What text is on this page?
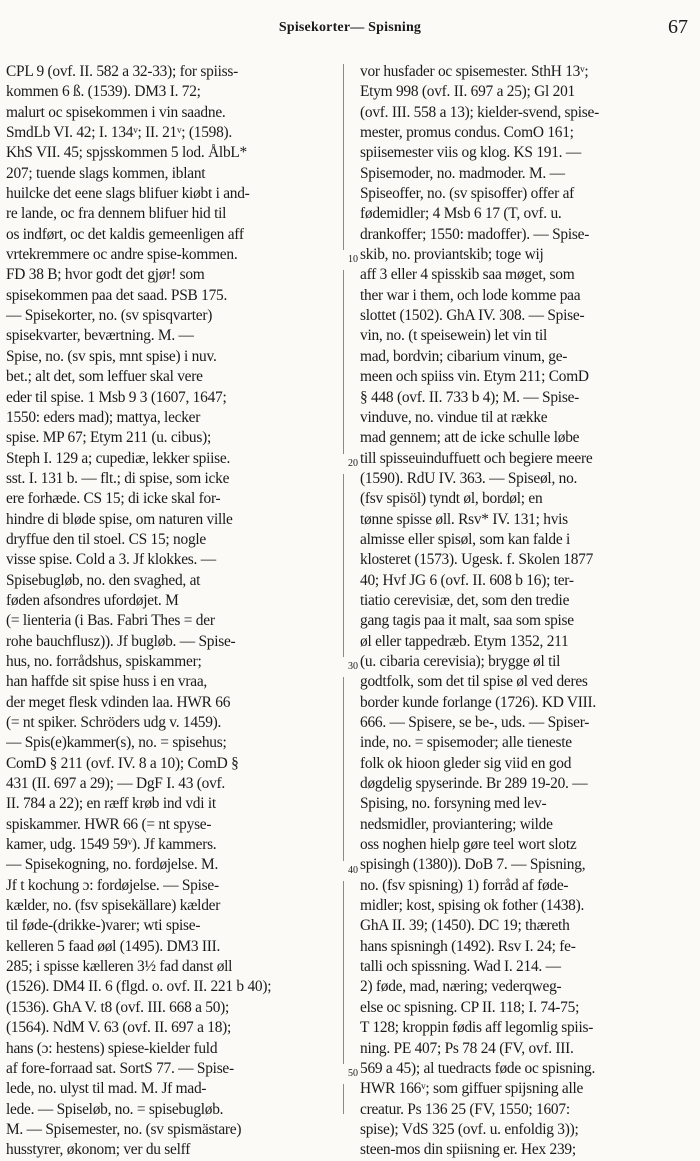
Spisekorter— Spisning	67
CPL 9 (ovf. II. 582 a 32-33); for spiiss-
kommen 6 ß. (1539). DM3 I. 72;
malurt oc spisekommen i vin saadne.
SmdLb VI. 42; I. 134ᵛ; II. 21ᵛ; (1598).
KhS VII. 45; spjsskommen 5 lod. ÅlbL*
207; tuende slags kommen, iblant
huilcke det eene slags blifuer kiøbt i and-
re lande, oc fra dennem blifuer hid til
os indført, oc det kaldis gemeenligen aff
vrtekremmere oc andre spise-kommen.
FD 38 B; hvor godt det gjør! som
spisekommen paa det saad. PSB 175.
— Spisekorter, no. (sv spisqvarter)
spisekvarter, beværtning. M. —
Spise, no. (sv spis, mnt spise) i nuv.
bet.; alt det, som leffuer skal vere
eder til spise. 1 Msb 9 3 (1607, 1647;
1550: eders mad); mattya, lecker
spise. MP 67; Etym 211 (u. cibus);
Steph I. 129 a; cupediæ, lekker spiise.
sst. I. 131 b. — flt.; di spise, som icke
ere forhæde. CS 15; di icke skal for-
hindre di bløde spise, om naturen ville
dryffue den til stoel. CS 15; nogle
visse spise. Cold a 3. Jf klokkes. —
Spisebugløb, no. den svaghed, at
føden afsondres ufordøjet. M
(= lienteria (i Bas. Fabri Thes = der
rohe bauchflusz)). Jf bugløb. — Spise-
hus, no. forrådshus, spiskammer;
han haffde sit spise huss i en vraa,
der meget flesk vdinden laa. HWR 66
(= nt spiker. Schröders udg v. 1459).
— Spis(e)kammer(s), no. = spisehus;
ComD § 211 (ovf. IV. 8 a 10); ComD §
431 (II. 697 a 29); — DgF I. 43 (ovf.
II. 784 a 22); en ræff krøb ind vdi it
spiskammer. HWR 66 (= nt spyse-
kamer, udg. 1549 59ᵛ). Jf kammers.
— Spisekogning, no. fordøjelse. M.
Jf t kochung ɔ: fordøjelse. — Spise-
kælder, no. (fsv spisekällare) kælder
til føde-(drikke-)varer; wti spise-
kelleren 5 faad øøl (1495). DM3 III.
285; i spisse kælleren 3½ fad danst øll
(1526). DM4 II. 6 (flgd. o. ovf. II. 221 b 40);
(1536). GhA V. t8 (ovf. III. 668 a 50);
(1564). NdM V. 63 (ovf. II. 697 a 18);
hans (ɔ: hestens) spiese-kielder fuld
af fore-forraad sat. SortS 77. — Spise-
lede, no. ulyst til mad. M. Jf mad-
lede. — Spiseløb, no. = spisebugløb.
M. — Spisemester, no. (sv spismästare)
husstyrer, økonom; ver du selff
10
20
30
40
50
vor husfader oc spisemester. SthH 13ᵛ;
Etym 998 (ovf. II. 697 a 25); Gl 201
(ovf. III. 558 a 13); kielder-svend, spise-
mester, promus condus. ComO 161;
spiisemester viis og klog. KS 191. —
Spisemoder, no. madmoder. M. —
Spiseoffer, no. (sv spisoffer) offer af
fødemidler; 4 Msb 6 17 (T, ovf. u.
drankoffer; 1550: madoffer). — Spise-
skib, no. proviantskib; toge wij
aff 3 eller 4 spisskib saa møget, som
ther war i them, och lode komme paa
slottet (1502). GhA IV. 308. — Spise-
vin, no. (t speisewein) let vin til
mad, bordvin; cibarium vinum, ge-
meen och spiiss vin. Etym 211; ComD
§ 448 (ovf. II. 733 b 4); M. — Spise-
vinduve, no. vindue til at række
mad gennem; att de icke schulle løbe
till spisseuinduffuett och begiere meere
(1590). RdU IV. 363. — Spiseøl, no.
(fsv spisöl) tyndt øl, bordøl; en
tønne spisse øll. Rsv* IV. 131; hvis
almisse eller spisøl, som kan falde i
klosteret (1573). Ugesk. f. Skolen 1877
40; Hvf JG 6 (ovf. II. 608 b 16); ter-
tiatio cerevisiæ, det, som den tredie
gang tagis paa it malt, saa som spise
øl eller tappedræb. Etym 1352, 211
(u. cibaria cerevisia); brygge øl til
godtfolk, som det til spise øl ved deres
border kunde forlange (1726). KD VIII.
666. — Spisere, se be-, uds. — Spiser-
inde, no. = spisemoder; alle tieneste
folk ok hioon gleder sig viid en god
døgdelig spyserinde. Br 289 19-20. —
Spising, no. forsyning med lev-
nedsmidler, proviantering; wilde
oss noghen hielp gøre teel wort slotz
spisingh (1380)). DoB 7. — Spisning,
no. (fsv spisning) 1) forråd af føde-
midler; kost, spising ok fother (1438).
GhA II. 39; (1450). DC 19; thæreth
hans spisningh (1492). Rsv I. 24; fe-
talli och spissning. Wad I. 214. —
2) føde, mad, næring; vederqweg-
else oc spisning. CP II. 118; I. 74-75;
T 128; kroppin fødis aff legomlig spiis-
ning. PE 407; Ps 78 24 (FV, ovf. III.
569 a 45); al tuedracts føde oc spisning.
HWR 166ᵛ; som giffuer spijsning alle
creatur. Ps 136 25 (FV, 1550; 1607:
spise); VdS 325 (ovf. u. enfoldig 3));
steen-mos din spiisning er. Hex 239;
